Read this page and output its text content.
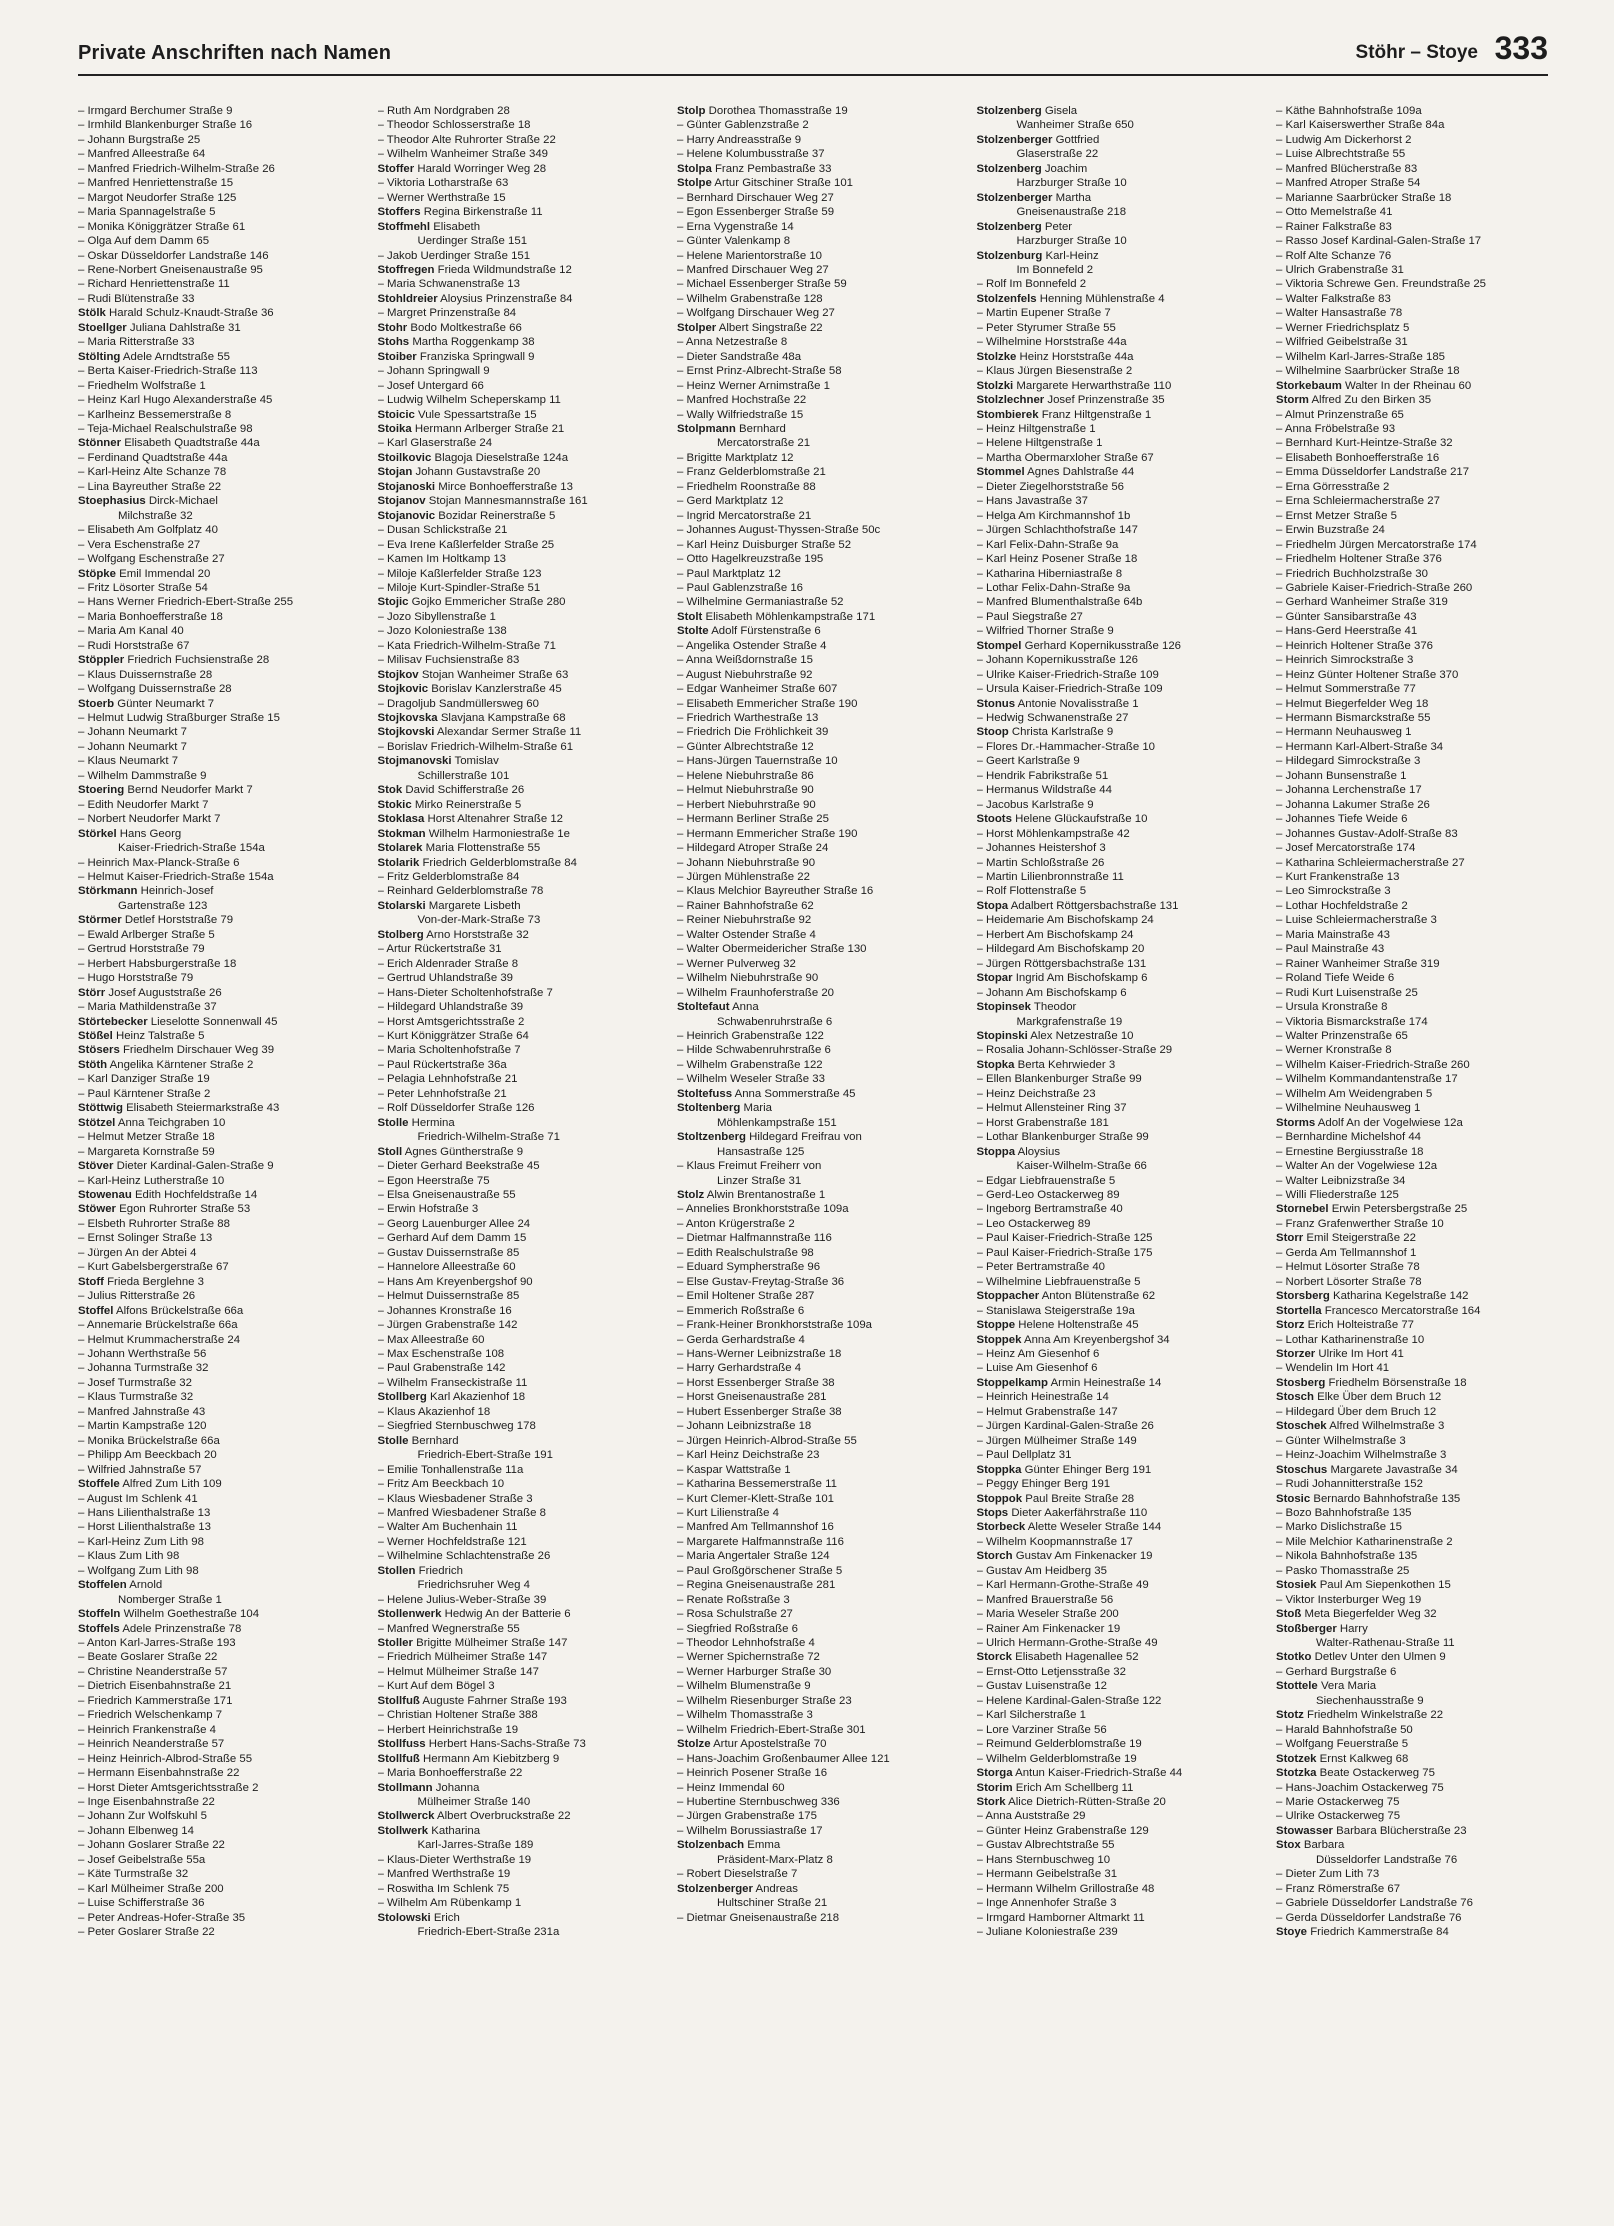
Private Anschriften nach Namen	Stöhr – Stoye 333
– Irmgard Berchumer Straße 9
– Irmhild Blankenburger Straße 16
– Johann Burgstraße 25
– Manfred Alleestraße 64
– Manfred Friedrich-Wilhelm-Straße 26
– Manfred Henriettenstraße 15
– Margot Neudorfer Straße 125
– Maria Spannagelstraße 5
– Monika Königgrätzer Straße 61
– Olga Auf dem Damm 65
– Oskar Düsseldorfer Landstraße 146
– Rene-Norbert Gneisenaustraße 95
– Richard Henriettenstraße 11
– Rudi Blütenstraße 33
Stölk Harald Schulz-Knaudt-Straße 36
Stoellger Juliana Dahlstraße 31
– Maria Ritterstraße 33
Stölting Adele Arndtstraße 55
– Berta Kaiser-Friedrich-Straße 113
– Friedhelm Wolfstraße 1
– Heinz Karl Hugo Alexanderstraße 45
– Karlheinz Bessemerstraße 8
– Teja-Michael Realschulstraße 98
Stönner Elisabeth Quadtstraße 44a
– Ferdinand Quadtstraße 44a
– Karl-Heinz Alte Schanze 78
– Lina Bayreuther Straße 22
Stoephasius Dirck-Michael
Milchstraße 32
– Elisabeth Am Golfplatz 40
– Vera Eschenstraße 27
– Wolfgang Eschenstraße 27
Stöpke Emil Immendal 20
– Fritz Lösorter Straße 54
– Hans Werner Friedrich-Ebert-Straße 255
– Maria Bonhoefferstraße 18
– Maria Am Kanal 40
– Rudi Horststraße 67
Stöppler Friedrich Fuchsienstraße 28
– Klaus Duissernstraße 28
– Wolfgang Duissernstraße 28
Stoerb Günter Neumarkt 7
– Helmut Ludwig Straßburger Straße 15
– Johann Neumarkt 7
– Johann Neumarkt 7
– Klaus Neumarkt 7
– Wilhelm Dammstraße 9
Stoering Bernd Neudorfer Markt 7
– Edith Neudorfer Markt 7
– Norbert Neudorfer Markt 7
Störkel Hans Georg
Kaiser-Friedrich-Straße 154a
– Heinrich Max-Planck-Straße 6
– Helmut Kaiser-Friedrich-Straße 154a
Störkmann Heinrich-Josef
Gartenstraße 123
Störmer Detlef Horststraße 79
– Ewald Arlberger Straße 5
– Gertrud Horststraße 79
– Herbert Habsburgerstraße 18
– Hugo Horststraße 79
Störr Josef Auguststraße 26
– Maria Mathildenstraße 37
Störtebecker Lieselotte Sonnenwall 45
Stößel Heinz Talstraße 5
Stösers Friedhelm Dirschauer Weg 39
Stöth Angelika Kärntener Straße 2
– Karl Danziger Straße 19
– Paul Kärntener Straße 2
Stöttwig Elisabeth Steiermarkstraße 43
Stötzel Anna Teichgraben 10
– Helmut Metzer Straße 18
– Margareta Kornstraße 59
Stöver Dieter Kardinal-Galen-Straße 9
– Karl-Heinz Lutherstraße 10
Stowenau Edith Hochfeldstraße 14
Stöwer Egon Ruhrorter Straße 53
– Elsbeth Ruhrorter Straße 88
– Ernst Solinger Straße 13
– Jürgen An der Abtei 4
– Kurt Gabelsbergerstraße 67
Stoff Frieda Berglehne 3
– Julius Ritterstraße 26
Stoffel Alfons Brückelstraße 66a
– Annemarie Brückelstraße 66a
– Helmut Krummacherstraße 24
– Johann Werthstraße 56
– Johanna Turmstraße 32
– Josef Turmstraße 32
– Klaus Turmstraße 32
– Manfred Jahnstraße 43
– Martin Kampstraße 120
– Monika Brückelstraße 66a
– Philipp Am Beeckbach 20
– Wilfried Jahnstraße 57
Stoffele Alfred Zum Lith 109
– August Im Schlenk 41
– Hans Lilienthalstraße 13
– Horst Lilienthalstraße 13
– Karl-Heinz Zum Lith 98
– Klaus Zum Lith 98
– Wolfgang Zum Lith 98
Stoffelen Arnold
Nomberger Straße 1
Stoffeln Wilhelm Goethestraße 104
Stoffels Adele Prinzenstraße 78
– Anton Karl-Jarres-Straße 193
– Beate Goslarer Straße 22
– Christine Neanderstraße 57
– Dietrich Eisenbahnstraße 21
– Friedrich Kammerstraße 171
– Friedrich Welschenkamp 7
– Heinrich Frankenstraße 4
– Heinrich Neanderstraße 57
– Heinz Heinrich-Albrod-Straße 55
– Hermann Eisenbahnstraße 22
– Horst Dieter Amtsgerichtsstraße 2
– Inge Eisenbahnstraße 22
– Johann Zur Wolfskuhl 5
– Johann Elbenweg 14
– Johann Goslarer Straße 22
– Josef Geibelstraße 55a
– Käte Turmstraße 32
– Karl Mülheimer Straße 200
– Luise Schifferstraße 36
– Peter Andreas-Hofer-Straße 35
– Peter Goslarer Straße 22
– Ruth Am Nordgraben 28
– Theodor Schlosserstraße 18
– Theodor Alte Ruhrorter Straße 22
– Wilhelm Wanheimer Straße 349
Stoffer Harald Worringer Weg 28
– Viktoria Lotharstraße 63
– Werner Werthstraße 15
Stoffers Regina Birkenstraße 11
Stoffmehl Elisabeth
Uerdinger Straße 151
– Jakob Uerdinger Straße 151
Stoffregen Frieda Wildmundstraße 12
– Maria Schwanenstraße 13
Stohldreier Aloysius Prinzenstraße 84
– Margret Prinzenstraße 84
Stohr Bodo Moltkestraße 66
Stohs Martha Roggenkamp 38
Stoiber Franziska Springwall 9
– Johann Springwall 9
– Josef Untergard 66
– Ludwig Wilhelm Scheperskamp 11
Stoicic Vule Spessartstraße 15
Stoika Hermann Arlberger Straße 21
– Karl Glaserstraße 24
Stoilkovic Blagoja Dieselstraße 124a
Stojan Johann Gustavstraße 20
Stojanoski Mirce Bonhoefferstraße 13
Stojanov Stojan Mannesmannstraße 161
Stojanovic Bozidar Reinerstraße 5
– Dusan Schlickstraße 21
– Eva Irene Kaßlerfelder Straße 25
– Kamen Im Holtkamp 13
– Miloje Kaßlerfelder Straße 123
– Miloje Kurt-Spindler-Straße 51
Stojic Gojko Emmericher Straße 280
– Jozo Sibyllenstraße 1
– Jozo Koloniestraße 138
– Kata Friedrich-Wilhelm-Straße 71
– Milisav Fuchsienstraße 83
Stojkov Stojan Wanheimer Straße 63
Stojkovic Borislav Kanzlerstraße 45
– Dragoljub Sandmüllersweg 60
Stojkovska Slavjana Kampstraße 68
Stojkovski Alexandar Sermer Straße 11
– Borislav Friedrich-Wilhelm-Straße 61
Stojmanovski Tomislav
Schillerstraße 101
Stok David Schifferstraße 26
Stokic Mirko Reinerstraße 5
Stoklasa Horst Altenahrer Straße 12
Stokman Wilhelm Harmoniestraße 1e
Stolarek Maria Flottenstraße 55
Stolarik Friedrich Gelderblomstraße 84
– Fritz Gelderblomstraße 84
– Reinhard Gelderblomstraße 78
Stolarski Margarete Lisbeth
Von-der-Mark-Straße 73
Stolberg Arno Horststraße 32
– Artur Rückertstraße 31
– Erich Aldenrader Straße 8
– Gertrud Uhlandstraße 39
– Hans-Dieter Scholtenhofstraße 7
– Hildegard Uhlandstraße 39
– Horst Amtsgerichtsstraße 2
– Kurt Königgrätzer Straße 64
– Maria Scholtenhofstraße 7
– Paul Rückertstraße 36a
– Pelagia Lehnhofstraße 21
– Peter Lehnhofstraße 21
– Rolf Düsseldorfer Straße 126
Stolle Hermina
Friedrich-Wilhelm-Straße 71
Stoll Agnes Güntherstraße 9
– Dieter Gerhard Beekstraße 45
– Egon Heerstraße 75
– Elsa Gneisenaustraße 55
– Erwin Hofstraße 3
– Georg Lauenburger Allee 24
– Gerhard Auf dem Damm 15
– Gustav Duissernstraße 85
– Hannelore Alleestraße 60
– Hans Am Kreyenbergshof 90
– Helmut Duissernstraße 85
– Johannes Kronstraße 16
– Jürgen Grabenstraße 142
– Max Alleestraße 60
– Max Eschenstraße 108
– Paul Grabenstraße 142
– Wilhelm Franseckistraße 11
Stollberg Karl Akazienhof 18
– Klaus Akazienhof 18
– Siegfried Sternbuschweg 178
Stolle Bernhard
Friedrich-Ebert-Straße 191
– Emilie Tonhallenstraße 11a
– Fritz Am Beeckbach 10
– Klaus Wiesbadener Straße 3
– Manfred Wiesbadener Straße 8
– Walter Am Buchenhain 11
– Werner Hochfeldstraße 121
– Wilhelmine Schlachtenstraße 26
Stollen Friedrich
Friedrichsruher Weg 4
– Helene Julius-Weber-Straße 39
Stollenwerk Hedwig An der Batterie 6
– Manfred Wegnerstraße 55
Stoller Brigitte Mülheimer Straße 147
– Friedrich Mülheimer Straße 147
– Helmut Mülheimer Straße 147
– Kurt Auf dem Bögel 3
Stollfuß Auguste Fahrner Straße 193
– Christian Holtener Straße 388
– Herbert Heinrichstraße 19
Stollfuss Herbert Hans-Sachs-Straße 73
Stollfuß Hermann Am Kiebitzberg 9
– Maria Bonhoefferstraße 22
Stollmann Johanna
Mülheimer Straße 140
Stollwerck Albert Overbruckstraße 22
Stollwerk Katharina
Karl-Jarres-Straße 189
– Klaus-Dieter Werthstraße 19
– Manfred Werthstraße 19
– Roswitha Im Schlenk 75
– Wilhelm Am Rübenkamp 1
Stolowski Erich
Friedrich-Ebert-Straße 231a
Stolp Dorothea Thomasstraße 19
– Günter Gablenzstraße 2
– Harry Andreasstraße 9
– Helene Kolumbusstraße 37
Stolpa Franz Pembastraße 33
Stolpe Artur Gitschiner Straße 101
– Bernhard Dirschauer Weg 27
– Egon Essenberger Straße 59
– Erna Vygenstraße 14
– Günter Valenkamp 8
– Helene Marientorstraße 10
– Manfred Dirschauer Weg 27
– Michael Essenberger Straße 59
– Wilhelm Grabenstraße 128
– Wolfgang Dirschauer Weg 27
Stolper Albert Singstraße 22
– Anna Netzestraße 8
– Dieter Sandstraße 48a
– Ernst Prinz-Albrecht-Straße 58
– Heinz Werner Arnimstraße 1
– Manfred Hochstraße 22
– Wally Wilfriedstraße 15
Stolpmann Bernhard
Mercatorstraße 21
– Brigitte Marktplatz 12
– Franz Gelderblomstraße 21
– Friedhelm Roonstraße 88
– Gerd Marktplatz 12
– Ingrid Mercatorstraße 21
– Johannes August-Thyssen-Straße 50c
– Karl Heinz Duisburger Straße 52
– Otto Hagelkreuzstraße 195
– Paul Marktplatz 12
– Paul Gablenzstraße 16
– Wilhelmine Germaniastraße 52
Stolt Elisabeth Möhlenkampstraße 171
Stolte Adolf Fürstenstraße 6
– Angelika Ostender Straße 4
– Anna Weißdornstraße 15
– August Niebuhrstraße 92
– Edgar Wanheimer Straße 607
– Elisabeth Emmericher Straße 190
– Friedrich Warthestraße 13
– Friedrich Die Fröhlichkeit 39
– Günter Albrechtstraße 12
– Hans-Jürgen Tauernstraße 10
– Helene Niebuhrstraße 86
– Helmut Niebuhrstraße 90
– Herbert Niebuhrstraße 90
– Hermann Berliner Straße 25
– Hermann Emmericher Straße 190
– Hildegard Atroper Straße 24
– Johann Niebuhrstraße 90
– Jürgen Mühlenstraße 22
– Klaus Melchior Bayreuther Straße 16
– Rainer Bahnhofstraße 62
– Reiner Niebuhrstraße 92
– Walter Ostender Straße 4
– Walter Obermeidericher Straße 130
– Werner Pulverweg 32
– Wilhelm Niebuhrstraße 90
– Wilhelm Fraunhoferstraße 20
Stoltefaut Anna
Schwabenruhrstraße 6
– Heinrich Grabenstraße 122
– Hilde Schwabenruhrstraße 6
– Wilhelm Grabenstraße 122
– Wilhelm Weseler Straße 33
Stoltefuss Anna Sommerstraße 45
Stoltenberg Maria
Möhlenkampstraße 151
Stoltzenberg Hildegard Freifrau von
Hansastraße 125
– Klaus Freimut Freiherr von
Linzer Straße 31
Stolz Alwin Brentanostraße 1
– Annelies Bronkhorststraße 109a
– Anton Krügerstraße 2
– Dietmar Halfmannstraße 116
– Edith Realschulstraße 98
– Eduard Sympherstraße 96
– Else Gustav-Freytag-Straße 36
– Emil Holtener Straße 287
– Emmerich Roßstraße 6
– Frank-Heiner Bronkhorststraße 109a
– Gerda Gerhardstraße 4
– Hans-Werner Leibnizstraße 18
– Harry Gerhardstraße 4
– Horst Essenberger Straße 38
– Horst Gneisenaustraße 281
– Hubert Essenberger Straße 38
– Johann Leibnizstraße 18
– Jürgen Heinrich-Albrod-Straße 55
– Karl Heinz Deichstraße 23
– Kaspar Wattstraße 1
– Katharina Bessemerstraße 11
– Kurt Clemer-Klett-Straße 101
– Kurt Lilienstraße 4
– Manfred Am Tellmannshof 16
– Margarete Halfmannstraße 116
– Maria Angertaler Straße 124
– Paul Großgörschener Straße 5
– Regina Gneisenaustraße 281
– Renate Roßstraße 3
– Rosa Schulstraße 27
– Siegfried Roßstraße 6
– Theodor Lehnhofstraße 4
– Werner Spichernstraße 72
– Werner Harburger Straße 30
– Wilhelm Blumenstraße 9
– Wilhelm Riesenburger Straße 23
– Wilhelm Thomasstraße 3
– Wilhelm Friedrich-Ebert-Straße 301
Stolze Artur Apostelstraße 70
– Hans-Joachim Großenbaumer Allee 121
– Heinrich Posener Straße 16
– Heinz Immendal 60
– Hubertine Sternbuschweg 336
– Jürgen Grabenstraße 175
– Wilhelm Borussiastraße 17
Stolzenbach Emma
Präsident-Marx-Platz 8
– Robert Dieselstraße 7
Stolzenberger Andreas
Hultschiner Straße 21
– Dietmar Gneisenaustraße 218
Stolzenberg Gisela
Wanheimer Straße 650
Stolzenberger Gottfried
Glaserstraße 22
Stolzenberg Joachim
Harzburger Straße 10
Stolzenberger Martha
Gneisenaustraße 218
Stolzenberg Peter
Harzburger Straße 10
Stolzenburg Karl-Heinz
Im Bonnefeld 2
– Rolf Im Bonnefeld 2
Stolzenfels Henning Mühlenstraße 4
– Martin Eupener Straße 7
– Peter Styrumer Straße 55
– Wilhelmine Horststraße 44a
Stolzke Heinz Horststraße 44a
– Klaus Jürgen Biesenstraße 2
Stolzki Margarete Herwarthstraße 110
Stolzlechner Josef Prinzenstraße 35
Stombierek Franz Hiltgenstraße 1
– Heinz Hiltgenstraße 1
– Helene Hiltgenstraße 1
– Martha Obermarxloher Straße 67
Stommel Agnes Dahlstraße 44
– Dieter Ziegelhorststraße 56
– Hans Javastraße 37
– Helga Am Kirchmannshof 1b
– Jürgen Schlachthofstraße 147
– Karl Felix-Dahn-Straße 9a
– Karl Heinz Posener Straße 18
– Katharina Hibernіastraße 8
– Lothar Felix-Dahn-Straße 9a
– Manfred Blumenthalstraße 64b
– Paul Siegstraße 27
– Wilfried Thorner Straße 9
Stompel Gerhard Kopernikusstraße 126
– Johann Kopernikusstraße 126
– Ulrike Kaiser-Friedrich-Straße 109
– Ursula Kaiser-Friedrich-Straße 109
Stonus Antonie Novalisstraße 1
– Hedwig Schwanenstraße 27
Stoop Christa Karlstraße 9
– Flores Dr.-Hammacher-Straße 10
– Geert Karlstraße 9
– Hendrik Fabrikstraße 51
– Hermanus Wildstraße 44
– Jacobus Karlstraße 9
Stoots Helene Glückaufstraße 10
– Horst Möhlenkampstraße 42
– Johannes Heistershof 3
– Martin Schloßstraße 26
– Martin Lilienbronnstraße 11
– Rolf Flottenstraße 5
Stopa Adalbert Röttgersbachstraße 131
– Heidemarie Am Bischofskamp 24
– Herbert Am Bischofskamp 24
– Hildegard Am Bischofskamp 20
– Jürgen Röttgersbachstraße 131
Stopar Ingrid Am Bischofskamp 6
– Johann Am Bischofskamp 6
Stopinsek Theodor
Markgrafenstraße 19
Stopinski Alex Netzestraße 10
– Rosalia Johann-Schlösser-Straße 29
Stopka Berta Kehrwieder 3
– Ellen Blankenburger Straße 99
– Heinz Deichstraße 23
– Helmut Allensteiner Ring 37
– Horst Grabenstraße 181
– Lothar Blankenburger Straße 99
Stoppa Aloysius
Kaiser-Wilhelm-Straße 66
– Edgar Liebfrauenstraße 5
– Gerd-Leo Ostackerweg 89
– Ingeborg Bertramstraße 40
– Leo Ostackerweg 89
– Paul Kaiser-Friedrich-Straße 125
– Paul Kaiser-Friedrich-Straße 175
– Peter Bertramstraße 40
– Wilhelmine Liebfrauenstraße 5
Stoppacher Anton Blütenstraße 62
– Stanislawa Steigerstraße 19a
Stoppe Helene Holtenstraße 45
Stoppek Anna Am Kreyenbergshof 34
– Heinz Am Giesenhof 6
– Luise Am Giesenhof 6
Stoppelkamp Armin Heinestraße 14
– Heinrich Heinestraße 14
– Helmut Grabenstraße 147
– Jürgen Kardinal-Galen-Straße 26
– Jürgen Mülheimer Straße 149
– Paul Dellplatz 31
Stoppka Günter Ehinger Berg 191
– Peggy Ehinger Berg 191
Stoppok Paul Breite Straße 28
Stops Dieter Aakerfährstraße 110
Storbeck Alette Weseler Straße 144
– Wilhelm Koopmannstraße 17
Storch Gustav Am Finkenacker 19
– Gustav Am Heidberg 35
– Karl Hermann-Grothe-Straße 49
– Manfred Brauerstraße 56
– Maria Weseler Straße 200
– Rainer Am Finkenacker 19
– Ulrich Hermann-Grothe-Straße 49
Storck Elisabeth Hagenallee 52
– Ernst-Otto Letjensstraße 32
– Gustav Luisenstraße 12
– Helene Kardinal-Galen-Straße 122
– Karl Silcherstraße 1
– Lore Varziner Straße 56
– Reimund Gelderblomstraße 19
– Wilhelm Gelderblomstraße 19
Storga Antun Kaiser-Friedrich-Straße 44
Storim Erich Am Schellberg 11
Stork Alice Dietrich-Rütten-Straße 20
– Anna Auststraße 29
– Günter Heinz Grabenstraße 129
– Gustav Albrechtstraße 55
– Hans Sternbuschweg 10
– Hermann Geibelstraße 31
– Hermann Wilhelm Grillostraße 48
– Inge Annenhofer Straße 3
– Irmgard Hamborner Altmarkt 11
– Juliane Koloniestraße 239
– Käthe Bahnhofstraße 109a
– Karl Kaiserswerther Straße 84a
– Ludwig Am Dickerhorst 2
– Luise Albrechtstraße 55
– Manfred Blücherstraße 83
– Manfred Atroper Straße 54
– Marianne Saarbrücker Straße 18
– Otto Memelstraße 41
– Rainer Falkstraße 83
– Rasso Josef Kardinal-Galen-Straße 17
– Rolf Alte Schanze 76
– Ulrich Grabenstraße 31
– Viktoria Schrewe Gen. Freundstraße 25
– Walter Falkstraße 83
– Walter Hansastraße 78
– Werner Friedrichsplatz 5
– Wilfried Geibelstraße 31
– Wilhelm Karl-Jarres-Straße 185
– Wilhelmine Saarbrücker Straße 18
Storkebaum Walter In der Rheinau 60
Storm Alfred Zu den Birken 35
– Almut Prinzenstraße 65
– Anna Fröbelstraße 93
– Bernhard Kurt-Heintze-Straße 32
– Elisabeth Bonhoefferstraße 16
– Emma Düsseldorfer Landstraße 217
– Erna Görresstraße 2
– Erna Schleiermacherstraße 27
– Ernst Metzer Straße 5
– Erwin Buzstraße 24
– Friedhelm Jürgen Mercatorstraße 174
– Friedhelm Holtener Straße 376
– Friedrich Buchholzstraße 30
– Gabriele Kaiser-Friedrich-Straße 260
– Gerhard Wanheimer Straße 319
– Günter Sansibarstraße 43
– Hans-Gerd Heerstraße 41
– Heinrich Holtener Straße 376
– Heinrich Simrockstraße 3
– Heinz Günter Holtener Straße 370
– Helmut Sommerstraße 77
– Helmut Biegerfelder Weg 18
– Hermann Bismarckstraße 55
– Hermann Neuhausweg 1
– Hermann Karl-Albert-Straße 34
– Hildegard Simrockstraße 3
– Johann Bunsenstraße 1
– Johanna Lerchenstraße 17
– Johanna Lakumer Straße 26
– Johannes Tiefe Weide 6
– Johannes Gustav-Adolf-Straße 83
– Josef Mercatorstraße 174
– Katharina Schleiermacherstraße 27
– Kurt Frankenstraße 13
– Leo Simrockstraße 3
– Lothar Hochfeldstraße 2
– Luise Schleiermacherstraße 3
– Maria Mainstraße 43
– Paul Mainstraße 43
– Rainer Wanheimer Straße 319
– Roland Tiefe Weide 6
– Rudi Kurt Luisenstraße 25
– Ursula Kronstraße 8
– Viktoria Bismarckstraße 174
– Walter Prinzenstraße 65
– Werner Kronstraße 8
– Wilhelm Kaiser-Friedrich-Straße 260
– Wilhelm Kommandantenstraße 17
– Wilhelm Am Weidengraben 5
– Wilhelmine Neuhausweg 1
Storms Adolf An der Vogelwiese 12a
– Bernhardine Michelshof 44
– Ernestine Bergiusstraße 18
– Walter An der Vogelwiese 12a
– Walter Leibnizstraße 34
– Willi Fliederstraße 125
Stornebel Erwin Petersbergstraße 25
– Franz Grafenwerther Straße 10
Storr Emil Steigerstraße 22
– Gerda Am Tellmannshof 1
– Helmut Lösorter Straße 78
– Norbert Lösorter Straße 78
Storsberg Katharina Kegelstraße 142
Stortella Francesco Mercatorstraße 164
Storz Erich Holteistraße 77
– Lothar Katharinenstraße 10
Storzer Ulrike Im Hort 41
– Wendelin Im Hort 41
Stosberg Friedhelm Börsenstraße 18
Stosch Elke Über dem Bruch 12
– Hildegard Über dem Bruch 12
Stoschek Alfred Wilhelmstraße 3
– Günter Wilhelmstraße 3
– Heinz-Joachim Wilhelmstraße 3
Stoschus Margarete Javastraße 34
– Rudi Johannitterstraße 152
Stosic Bernardo Bahnhofstraße 135
– Bozo Bahnhofstraße 135
– Marko Dislichstraße 15
– Mile Melchior Katharinenstraße 2
– Nikola Bahnhofstraße 135
– Pasko Thomasstraße 25
Stosiek Paul Am Siepenkothen 15
– Viktor Insterburger Weg 19
Stoß Meta Biegerfelder Weg 32
Stoßberger Harry
Walter-Rathenau-Straße 11
Stotko Detlev Unter den Ulmen 9
– Gerhard Burgstraße 6
Stottele Vera Maria
Siechenhausstraße 9
Stotz Friedhelm Winkelstraße 22
– Harald Bahnhofstraße 50
– Wolfgang Feuerstraße 5
Stotzek Ernst Kalkweg 68
Stotzka Beate Ostackerweg 75
– Hans-Joachim Ostackerweg 75
– Marie Ostackerweg 75
– Ulrike Ostackerweg 75
Stowasser Barbara Blücherstraße 23
Stox Barbara
Düsseldorfer Landstraße 76
– Dieter Zum Lith 73
– Franz Römerstraße 67
– Gabriele Düsseldorfer Landstraße 76
– Gerda Düsseldorfer Landstraße 76
Stoye Friedrich Kammerstraße 84
